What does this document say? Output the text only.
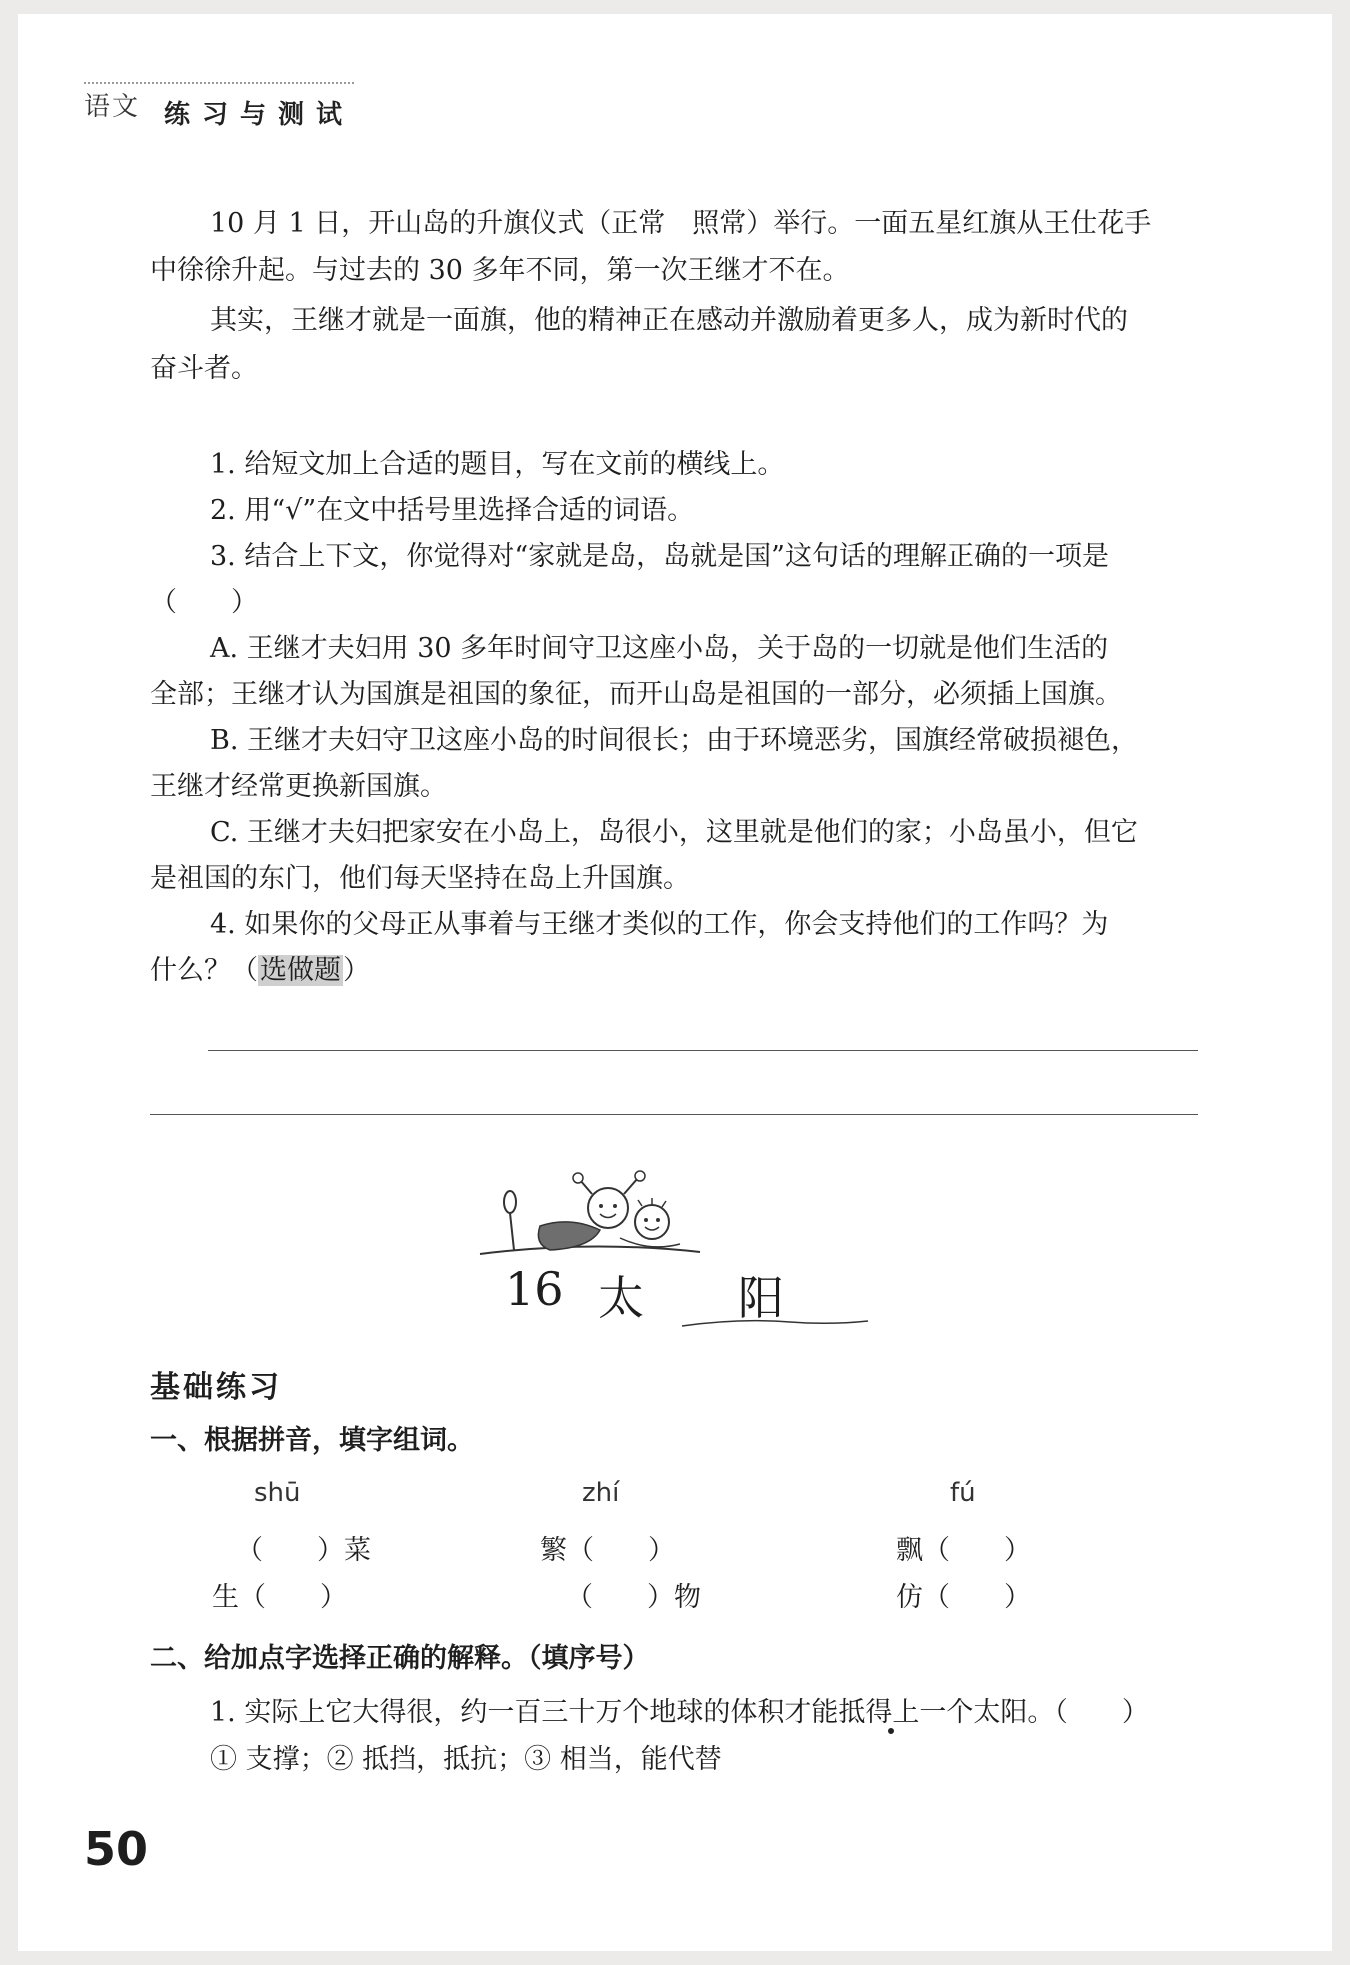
语文 练习与测试
10 月 1 日，开山岛的升旗仪式（正常　照常）举行。一面五星红旗从王仕花手
中徐徐升起。与过去的 30 多年不同，第一次王继才不在。
其实，王继才就是一面旗，他的精神正在感动并激励着更多人，成为新时代的
奋斗者。
1. 给短文加上合适的题目，写在文前的横线上。
2. 用“√”在文中括号里选择合适的词语。
3. 结合上下文，你觉得对“家就是岛，岛就是国”这句话的理解正确的一项是
（　　）
A. 王继才夫妇用 30 多年时间守卫这座小岛，关于岛的一切就是他们生活的
全部；王继才认为国旗是祖国的象征，而开山岛是祖国的一部分，必须插上国旗。
B. 王继才夫妇守卫这座小岛的时间很长；由于环境恶劣，国旗经常破损褪色，
王继才经常更换新国旗。
C. 王继才夫妇把家安在小岛上，岛很小，这里就是他们的家；小岛虽小，但它
是祖国的东门，他们每天坚持在岛上升国旗。
4. 如果你的父母正从事着与王继才类似的工作，你会支持他们的工作吗？为
什么？（选做题）
16 太 阳
基础练习
一、根据拼音，填字组词。
shū	zhí	fú
（　　）菜	繁（　　）	飘（　　）
生（　　）	（　　）物	仿（　　）
二、给加点字选择正确的解释。（填序号）
1. 实际上它大得很，约一百三十万个地球的体积才能抵得上一个太阳。（　　）
① 支撑；② 抵挡，抵抗；③ 相当，能代替
50
